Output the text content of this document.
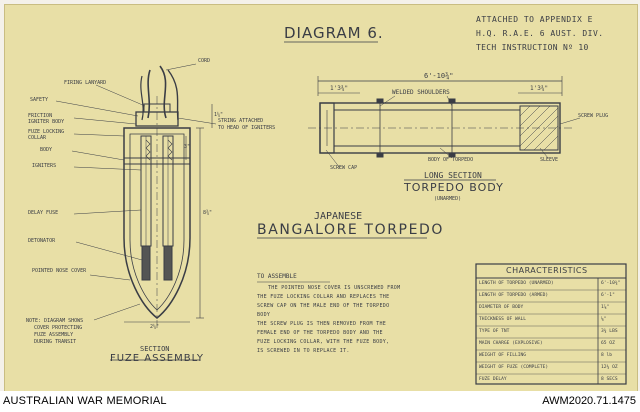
DIAGRAM 6.
ATTACHED TO APPENDIX E
H.Q. R.A.E. 6 AUST. DIV.
TECH INSTRUCTION Nº 10
6'-10¾"
1'3¾"	1'3¾"
WELDED SHOULDERS
SCREW PLUG
SCREW CAP
BODY OF TORPEDO	SLEEVE
LONG SECTION
TORPEDO BODY
(UNARMED)
JAPANESE
BANGALORE TORPEDO
CORD
FIRING LANYARD
SAFETY
FRICTION IGNITER BODY
FUZE LOCKING COLLAR
BODY
IGNITERS
DELAY FUSE
DETONATOR
POINTED NOSE COVER
STRING ATTACHED
TO HEAD OF IGNITERS
1¼"
3"
8¾"
2¼"
NOTE: DIAGRAM SHOWS
COVER PROTECTING
FUZE ASSEMBLY
DURING TRANSIT
SECTION
FUZE ASSEMBLY
TO ASSEMBLE
THE POINTED NOSE COVER IS UNSCREWED FROM
THE FUZE LOCKING COLLAR AND REPLACES THE
SCREW CAP ON THE MALE END OF THE TORPEDO
BODY
THE SCREW PLUG IS THEN REMOVED FROM THE
FEMALE END OF THE TORPEDO BODY AND THE
FUZE LOCKING COLLAR, WITH THE FUZE BODY,
IS SCREWED IN TO REPLACE IT.
CHARACTERISTICS
LENGTH OF TORPEDO (UNARMED)	6'-10¾"
LENGTH OF TORPEDO (ARMED)	6'-1"
DIAMETER OF BODY	1⅞"
THICKNESS OF WALL	⅛"
TYPE OF TNT	3¾ LBS
MAIN CHARGE (EXPLOSIVE)	65 OZ
WEIGHT OF FILLING	8 lb
WEIGHT OF FUZE (COMPLETE)	12¾ OZ
FUZE DELAY	8 SECS
AUSTRALIAN WAR MEMORIAL	AWM2020.71.1475
